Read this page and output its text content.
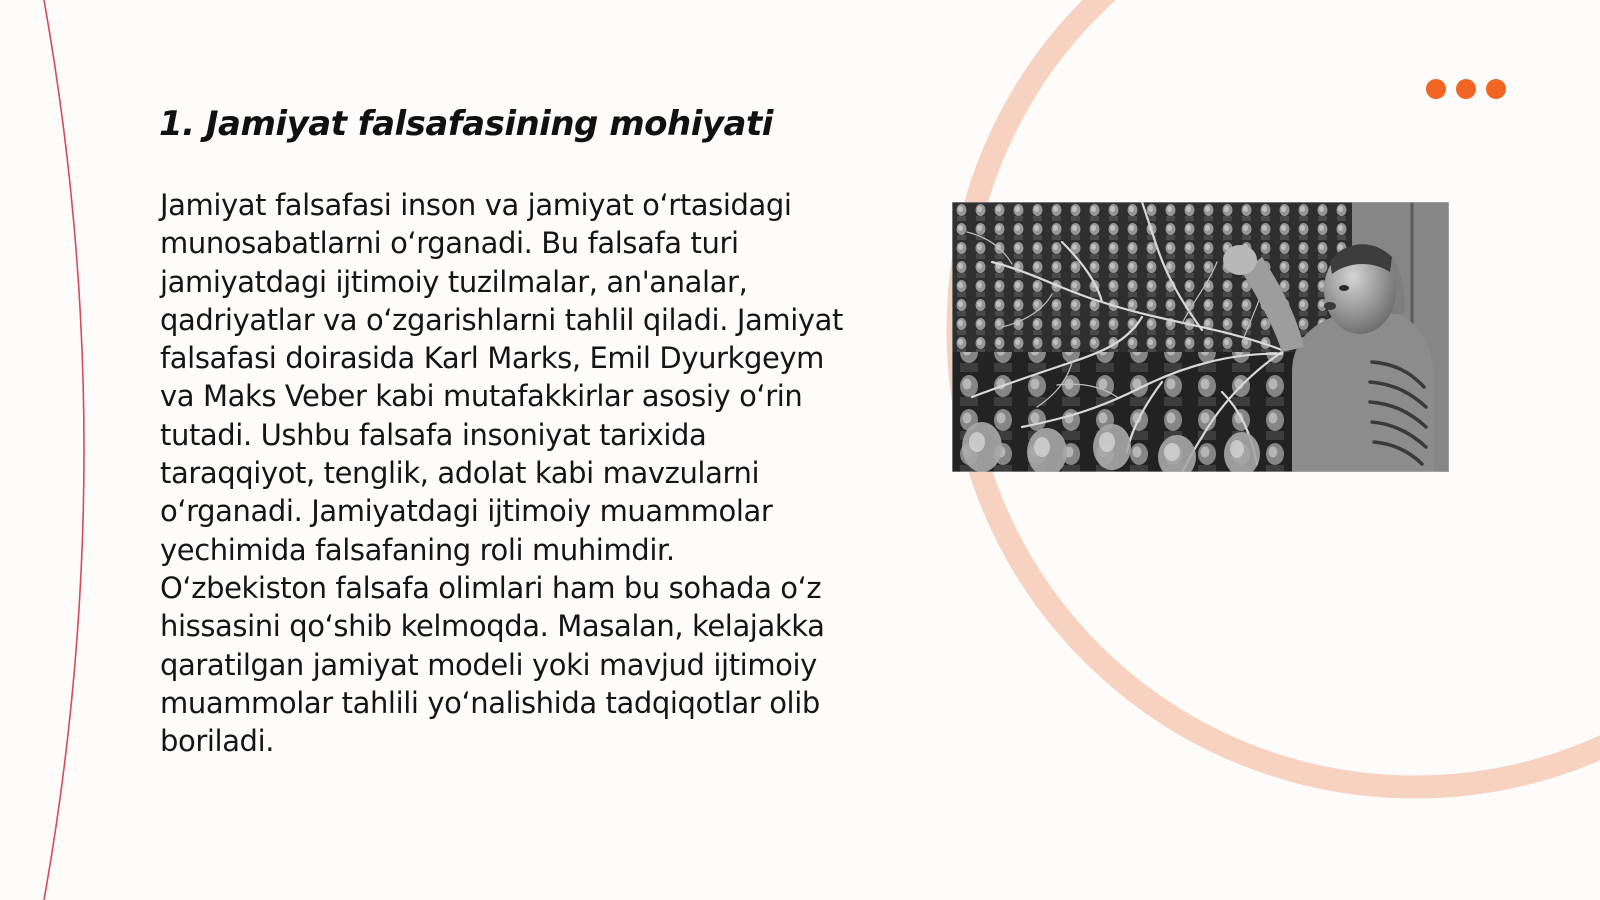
1. Jamiyat falsafasining mohiyati

Jamiyat falsafasi inson va jamiyat o‘rtasidagi munosabatlarni o‘rganadi. Bu falsafa turi jamiyatdagi ijtimoiy tuzilmalar, an'analar, qadriyatlar va o‘zgarishlarni tahlil qiladi. Jamiyat falsafasi doirasida Karl Marks, Emil Dyurkgeym va Maks Veber kabi mutafakkirlar asosiy o‘rin tutadi. Ushbu falsafa insoniyat tarixida taraqqiyot, tenglik, adolat kabi mavzularni o‘rganadi. Jamiyatdagi ijtimoiy muammolar yechimida falsafaning roli muhimdir. O‘zbekiston falsafa olimlari ham bu sohada o‘z hissasini qo‘shib kelmoqda. Masalan, kelajakka qaratilgan jamiyat modeli yoki mavjud ijtimoiy muammolar tahlili yo‘nalishida tadqiqotlar olib boriladi.
